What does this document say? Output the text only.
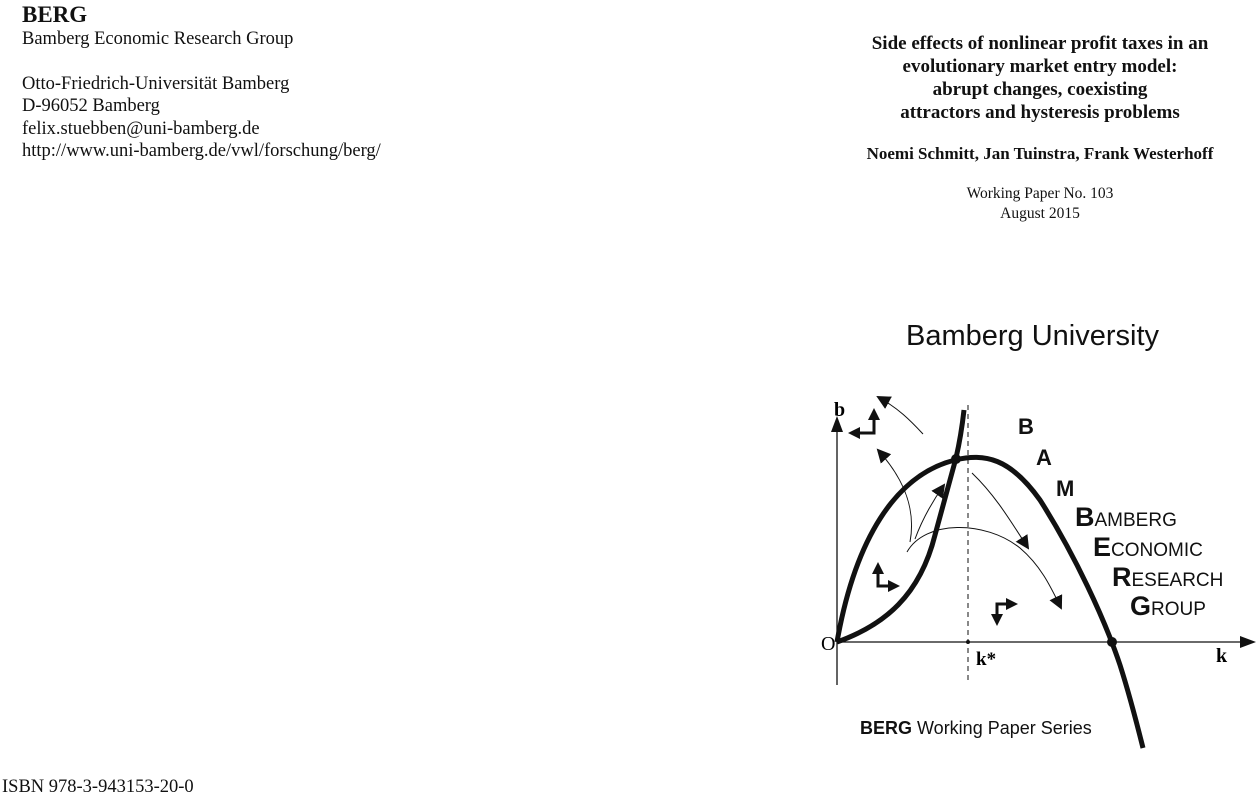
BERG
Bamberg Economic Research Group
Otto-Friedrich-Universität Bamberg
D-96052 Bamberg
felix.stuebben@uni-bamberg.de
http://www.uni-bamberg.de/vwl/forschung/berg/
Side effects of nonlinear profit taxes in an
evolutionary market entry model:
abrupt changes, coexisting
attractors and hysteresis problems
Noemi Schmitt, Jan Tuinstra, Frank Westerhoff
Working Paper No. 103
August 2015
Bamberg University
b
k
O
k*
B
A
M
BAMBERG
ECONOMIC
RESEARCH
GROUP
BERG Working Paper Series
ISBN 978-3-943153-20-0
